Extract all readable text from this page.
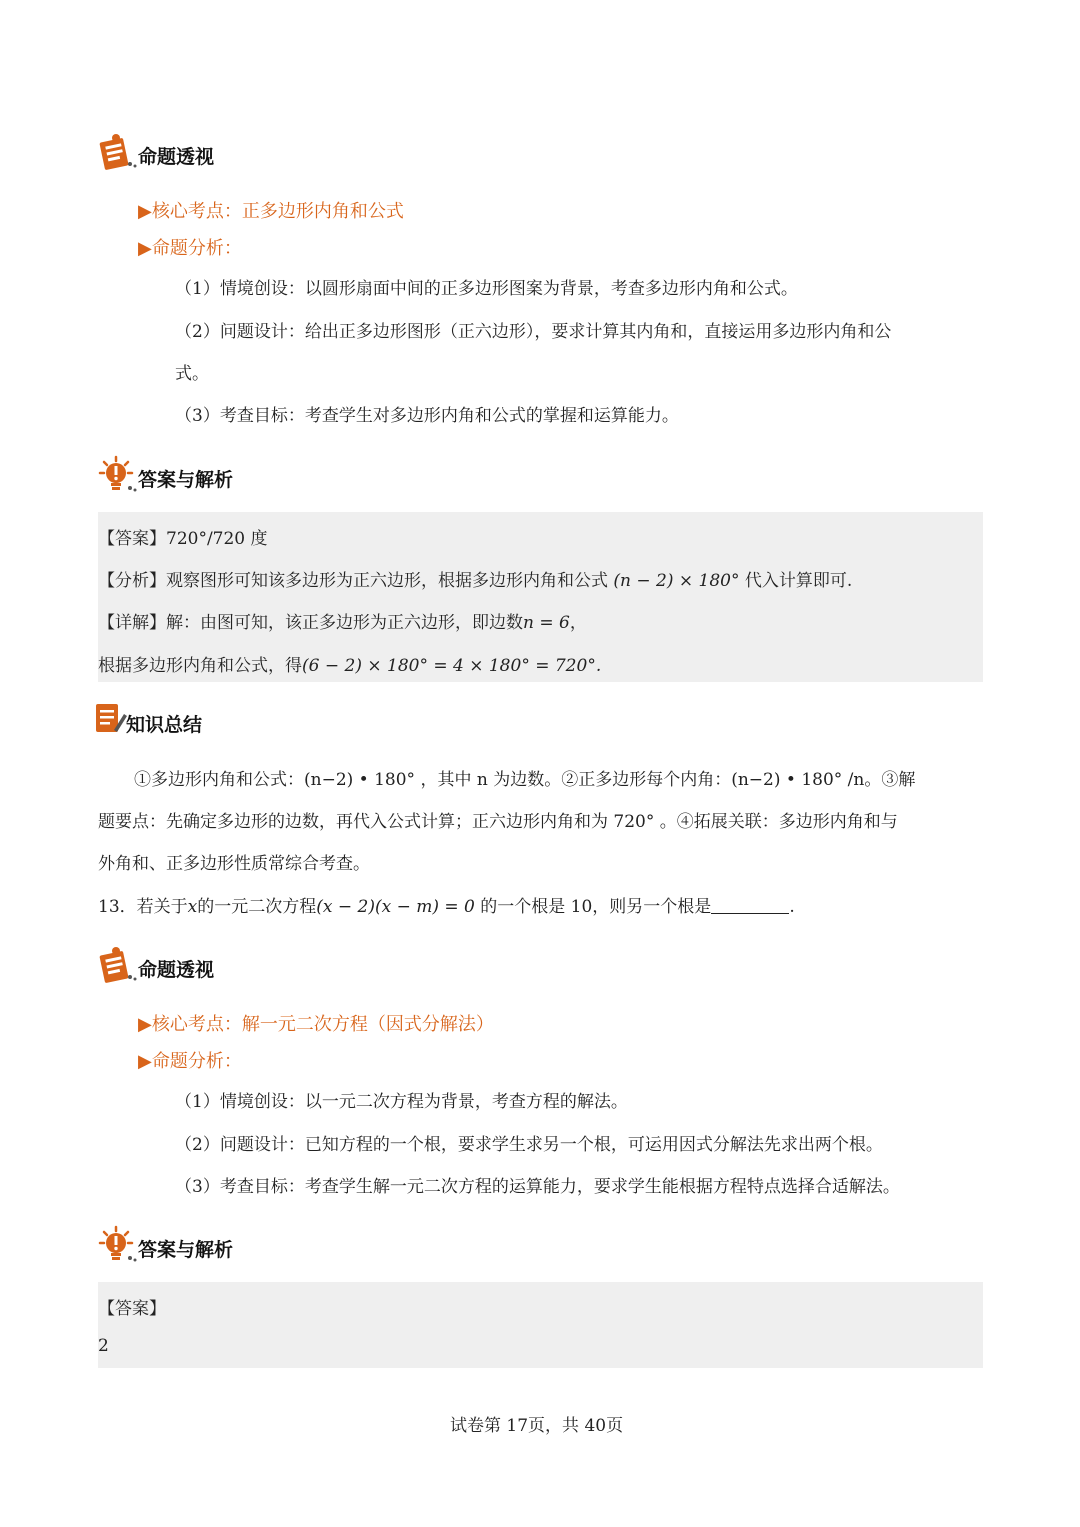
命题透视
▶核心考点：正多边形内角和公式
▶命题分析：
（1）情境创设：以圆形扇面中间的正多边形图案为背景，考查多边形内角和公式。
（2）问题设计：给出正多边形图形（正六边形），要求计算其内角和，直接运用多边形内角和公
式。
（3）考查目标：考查学生对多边形内角和公式的掌握和运算能力。
答案与解析
【答案】720°/720 度
【分析】观察图形可知该多边形为正六边形，根据多边形内角和公式 (n − 2) × 180° 代入计算即可.
【详解】解：由图可知，该正多边形为正六边形，即边数n = 6，
根据多边形内角和公式，得(6 − 2) × 180° = 4 × 180° = 720°.
知识总结
①多边形内角和公式：(n−2) • 180° ，其中 n 为边数。②正多边形每个内角：(n−2) • 180° /n。③解
题要点：先确定多边形的边数，再代入公式计算；正六边形内角和为 720° 。④拓展关联：多边形内角和与
外角和、正多边形性质常综合考查。
13．若关于x的一元二次方程(x − 2)(x − m) = 0 的一个根是 10，则另一个根是	.
命题透视
▶核心考点：解一元二次方程（因式分解法）
▶命题分析：
（1）情境创设：以一元二次方程为背景，考查方程的解法。
（2）问题设计：已知方程的一个根，要求学生求另一个根，可运用因式分解法先求出两个根。
（3）考查目标：考查学生解一元二次方程的运算能力，要求学生能根据方程特点选择合适解法。
答案与解析
【答案】
2
试卷第 17页，共 40页
